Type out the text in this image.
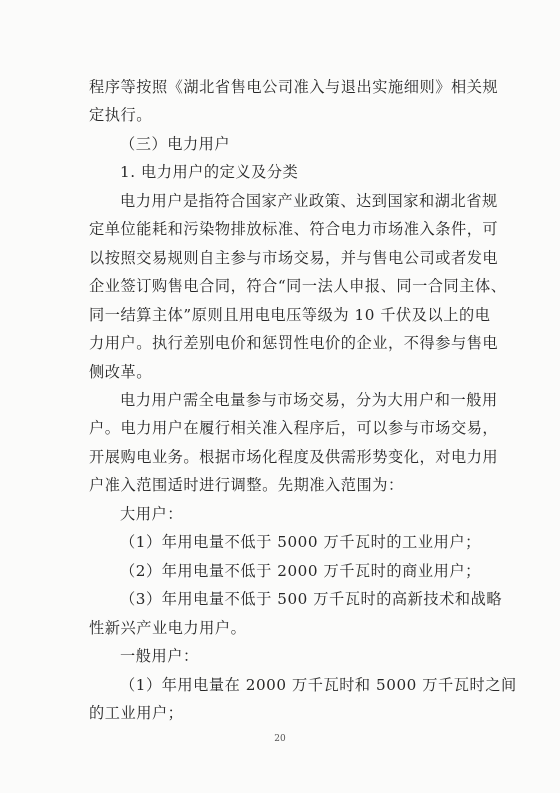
程序等按照《湖北省售电公司准入与退出实施细则》相关规
定执行。
（三）电力用户
1. 电力用户的定义及分类
电力用户是指符合国家产业政策、达到国家和湖北省规
定单位能耗和污染物排放标准、符合电力市场准入条件，可
以按照交易规则自主参与市场交易，并与售电公司或者发电
企业签订购售电合同，符合“同一法人申报、同一合同主体、
同一结算主体”原则且用电电压等级为 10 千伏及以上的电
力用户。执行差别电价和惩罚性电价的企业，不得参与售电
侧改革。
电力用户需全电量参与市场交易，分为大用户和一般用
户。电力用户在履行相关准入程序后，可以参与市场交易，
开展购电业务。根据市场化程度及供需形势变化，对电力用
户准入范围适时进行调整。先期准入范围为：
大用户：
（1）年用电量不低于 5000 万千瓦时的工业用户；
（2）年用电量不低于 2000 万千瓦时的商业用户；
（3）年用电量不低于 500 万千瓦时的高新技术和战略
性新兴产业电力用户。
一般用户：
（1）年用电量在 2000 万千瓦时和 5000 万千瓦时之间
的工业用户；
20
